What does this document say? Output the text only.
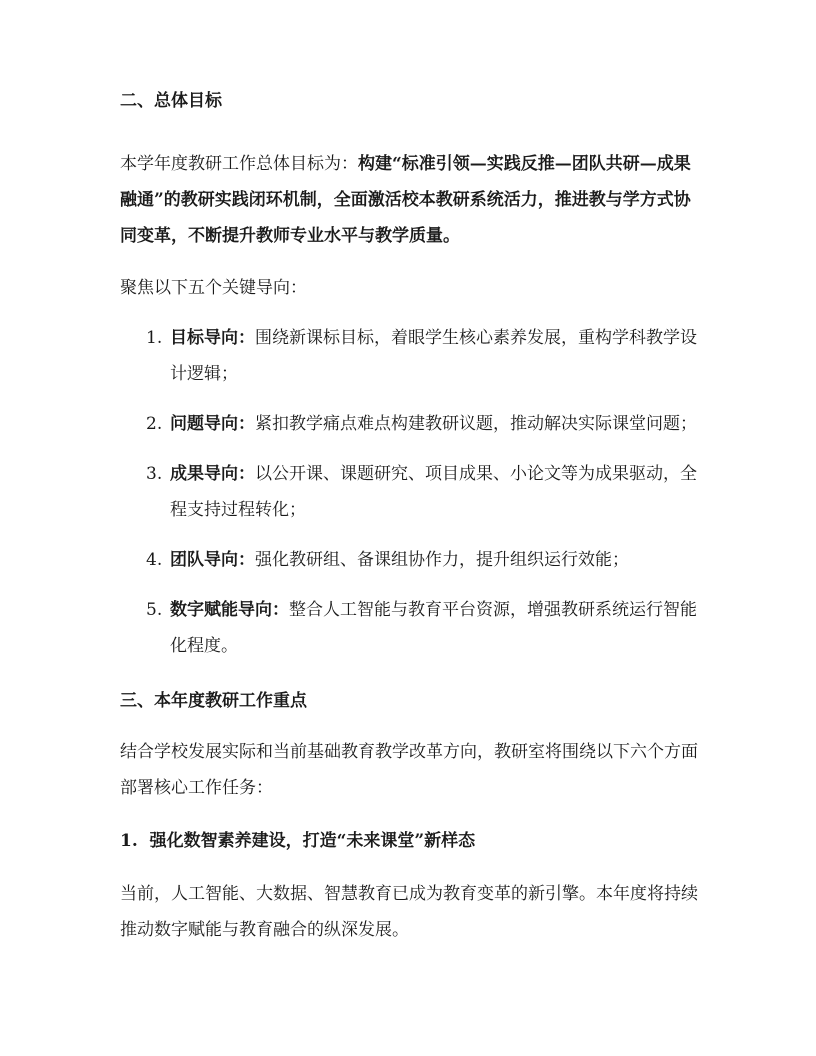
二、总体目标

本学年度教研工作总体目标为：构建“标准引领—实践反推—团队共研—成果融通”的教研实践闭环机制，全面激活校本教研系统活力，推进教与学方式协同变革，不断提升教师专业水平与教学质量。

聚焦以下五个关键导向：

1. 目标导向：围绕新课标目标，着眼学生核心素养发展，重构学科教学设计逻辑；
2. 问题导向：紧扣教学痛点难点构建教研议题，推动解决实际课堂问题；
3. 成果导向：以公开课、课题研究、项目成果、小论文等为成果驱动，全程支持过程转化；
4. 团队导向：强化教研组、备课组协作力，提升组织运行效能；
5. 数字赋能导向：整合人工智能与教育平台资源，增强教研系统运行智能化程度。
三、本年度教研工作重点

结合学校发展实际和当前基础教育教学改革方向，教研室将围绕以下六个方面部署核心工作任务：

1.  强化数智素养建设，打造“未来课堂”新样态

当前，人工智能、大数据、智慧教育已成为教育变革的新引擎。本年度将持续推动数字赋能与教育融合的纵深发展。
